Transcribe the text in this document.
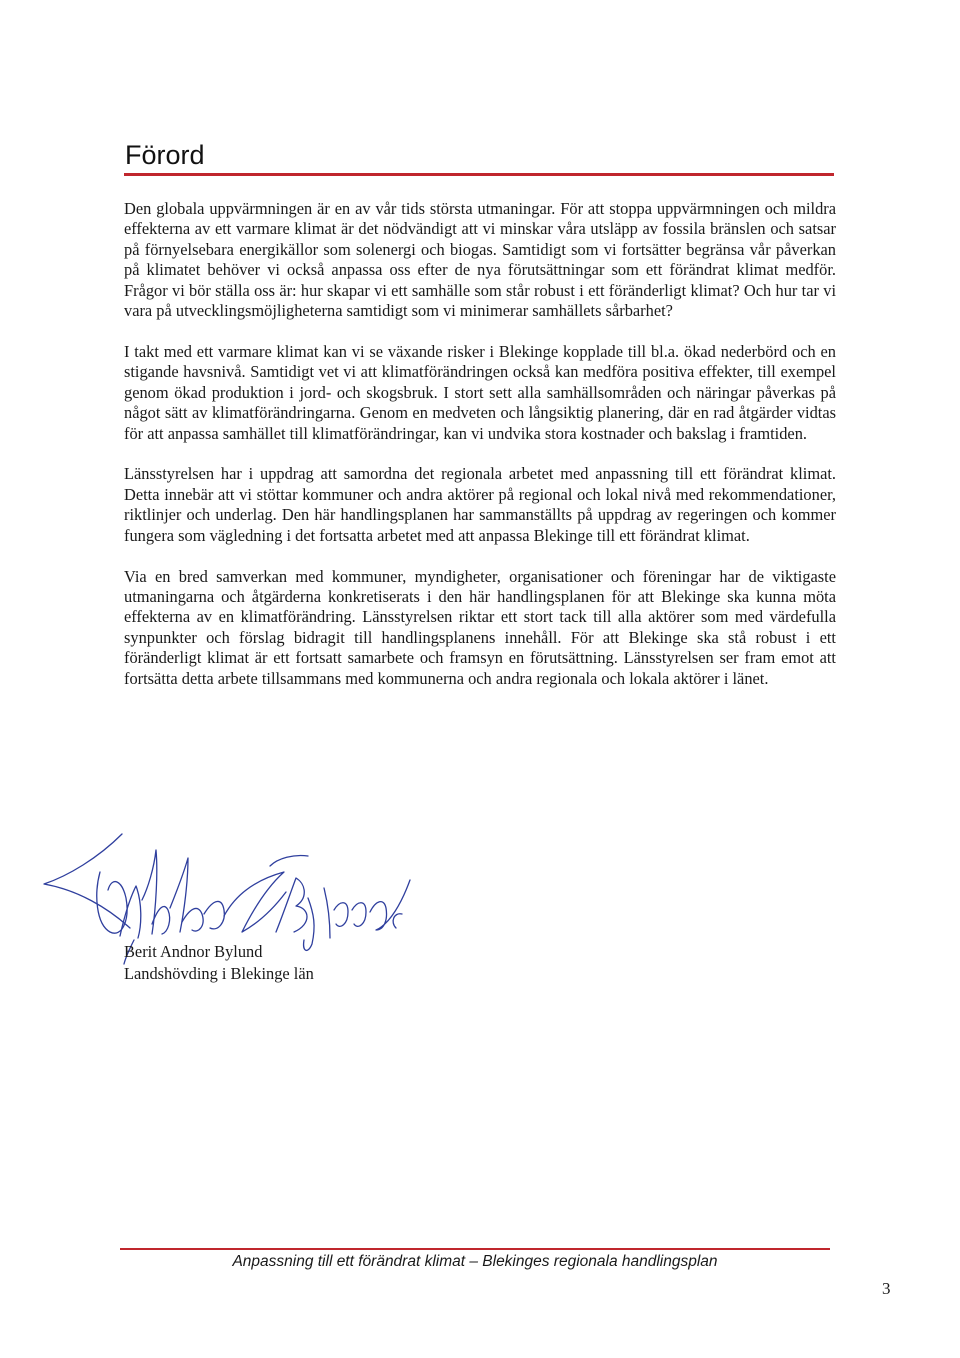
Förord

Den globala uppvärmningen är en av vår tids största utmaningar. För att stoppa uppvärmningen och mildra effekterna av ett varmare klimat är det nödvändigt att vi minskar våra utsläpp av fossila bränslen och satsar på förnyelsebara energikällor som solenergi och biogas. Samtidigt som vi fortsätter begränsa vår påverkan på klimatet behöver vi också anpassa oss efter de nya förutsättningar som ett förändrat klimat medför. Frågor vi bör ställa oss är: hur skapar vi ett samhälle som står robust i ett föränderligt klimat? Och hur tar vi vara på utvecklingsmöjligheterna samtidigt som vi minimerar samhällets sårbarhet?

I takt med ett varmare klimat kan vi se växande risker i Blekinge kopplade till bl.a. ökad nederbörd och en stigande havsnivå. Samtidigt vet vi att klimatförändringen också kan medföra positiva effekter, till exempel genom ökad produktion i jord- och skogsbruk. I stort sett alla samhällsområden och näringar påverkas på något sätt av klimatförändringarna. Genom en medveten och långsiktig planering, där en rad åtgärder vidtas för att anpassa samhället till klimatförändringar, kan vi undvika stora kostnader och bakslag i framtiden.

Länsstyrelsen har i uppdrag att samordna det regionala arbetet med anpassning till ett förändrat klimat. Detta innebär att vi stöttar kommuner och andra aktörer på regional och lokal nivå med rekommendationer, riktlinjer och underlag. Den här handlingsplanen har sammanställts på uppdrag av regeringen och kommer fungera som vägledning i det fortsatta arbetet med att anpassa Blekinge till ett förändrat klimat.

Via en bred samverkan med kommuner, myndigheter, organisationer och föreningar har de viktigaste utmaningarna och åtgärderna konkretiserats i den här handlingsplanen för att Blekinge ska kunna möta effekterna av en klimatförändring. Länsstyrelsen riktar ett stort tack till alla aktörer som med värdefulla synpunkter och förslag bidragit till handlingsplanens innehåll. För att Blekinge ska stå robust i ett föränderligt klimat är ett fortsatt samarbete och framsyn en förutsättning. Länsstyrelsen ser fram emot att fortsätta detta arbete tillsammans med kommunerna och andra regionala och lokala aktörer i länet.

Berit Andnor Bylund
Landshövding i Blekinge län
Anpassning till ett förändrat klimat – Blekinges regionala handlingsplan
3
